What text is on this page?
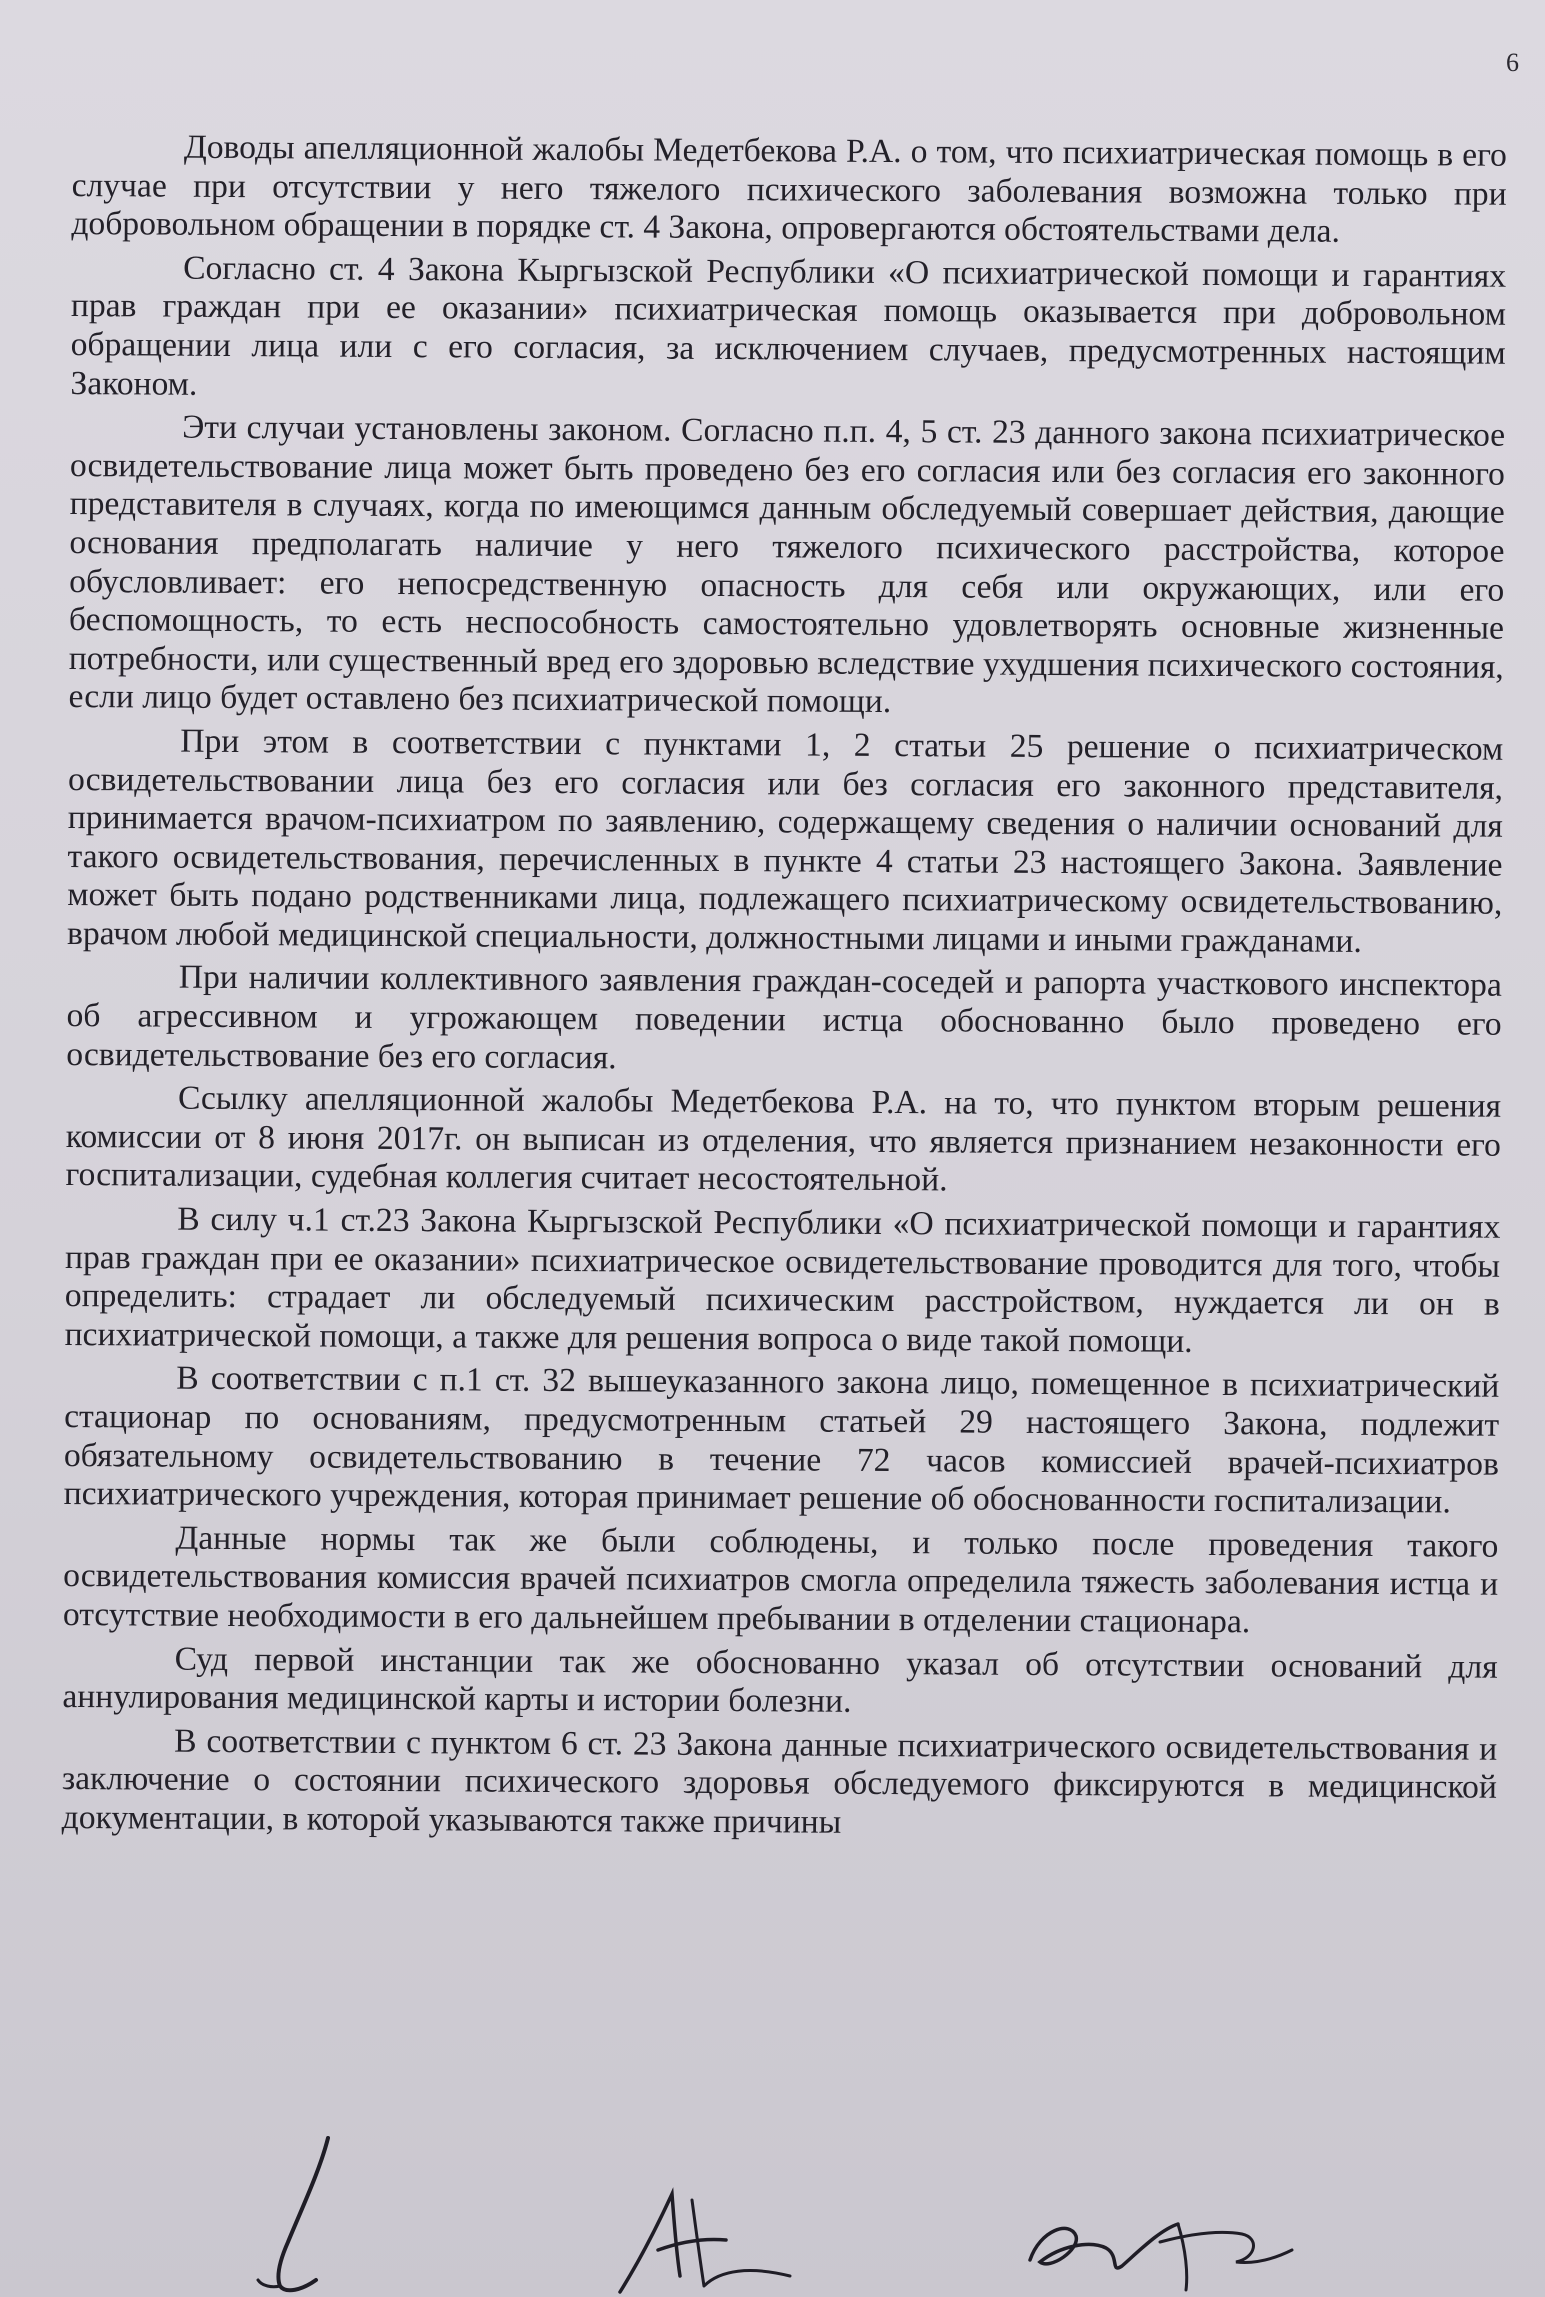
6

Доводы апелляционной жалобы Медетбекова Р.А. о том, что психиатрическая помощь в его случае при отсутствии у него тяжелого психического заболевания возможна только при добровольном обращении в порядке ст. 4 Закона, опровергаются обстоятельствами дела.

Согласно ст. 4 Закона Кыргызской Республики «О психиатрической помощи и гарантиях прав граждан при ее оказании» психиатрическая помощь оказывается при добровольном обращении лица или с его согласия, за исключением случаев, предусмотренных настоящим Законом.

Эти случаи установлены законом. Согласно п.п. 4, 5 ст. 23 данного закона психиатрическое освидетельствование лица может быть проведено без его согласия или без согласия его законного представителя в случаях, когда по имеющимся данным обследуемый совершает действия, дающие основания предполагать наличие у него тяжелого психического расстройства, которое обусловливает: его непосредственную опасность для себя или окружающих, или его беспомощность, то есть неспособность самостоятельно удовлетворять основные жизненные потребности, или существенный вред его здоровью вследствие ухудшения психического состояния, если лицо будет оставлено без психиатрической помощи.

При этом в соответствии с пунктами 1, 2 статьи 25 решение о психиатрическом освидетельствовании лица без его согласия или без согласия его законного представителя, принимается врачом-психиатром по заявлению, содержащему сведения о наличии оснований для такого освидетельствования, перечисленных в пункте 4 статьи 23 настоящего Закона. Заявление может быть подано родственниками лица, подлежащего психиатрическому освидетельствованию, врачом любой медицинской специальности, должностными лицами и иными гражданами.

При наличии коллективного заявления граждан-соседей и рапорта участкового инспектора об агрессивном и угрожающем поведении истца обоснованно было проведено его освидетельствование без его согласия.

Ссылку апелляционной жалобы Медетбекова Р.А. на то, что пунктом вторым решения комиссии от 8 июня 2017г. он выписан из отделения, что является признанием незаконности его госпитализации, судебная коллегия считает несостоятельной.

В силу ч.1 ст.23 Закона Кыргызской Республики «О психиатрической помощи и гарантиях прав граждан при ее оказании» психиатрическое освидетельствование проводится для того, чтобы определить: страдает ли обследуемый психическим расстройством, нуждается ли он в психиатрической помощи, а также для решения вопроса о виде такой помощи.

В соответствии с п.1 ст. 32 вышеуказанного закона лицо, помещенное в психиатрический стационар по основаниям, предусмотренным статьей 29 настоящего Закона, подлежит обязательному освидетельствованию в течение 72 часов комиссией врачей-психиатров психиатрического учреждения, которая принимает решение об обоснованности госпитализации.

Данные нормы так же были соблюдены, и только после проведения такого освидетельствования комиссия врачей психиатров смогла определила тяжесть заболевания истца и отсутствие необходимости в его дальнейшем пребывании в отделении стационара.

Суд первой инстанции так же обоснованно указал об отсутствии оснований для аннулирования медицинской карты и истории болезни.

В соответствии с пунктом 6 ст. 23 Закона данные психиатрического освидетельствования и заключение о состоянии психического здоровья обследуемого фиксируются в медицинской документации, в которой указываются также причины
